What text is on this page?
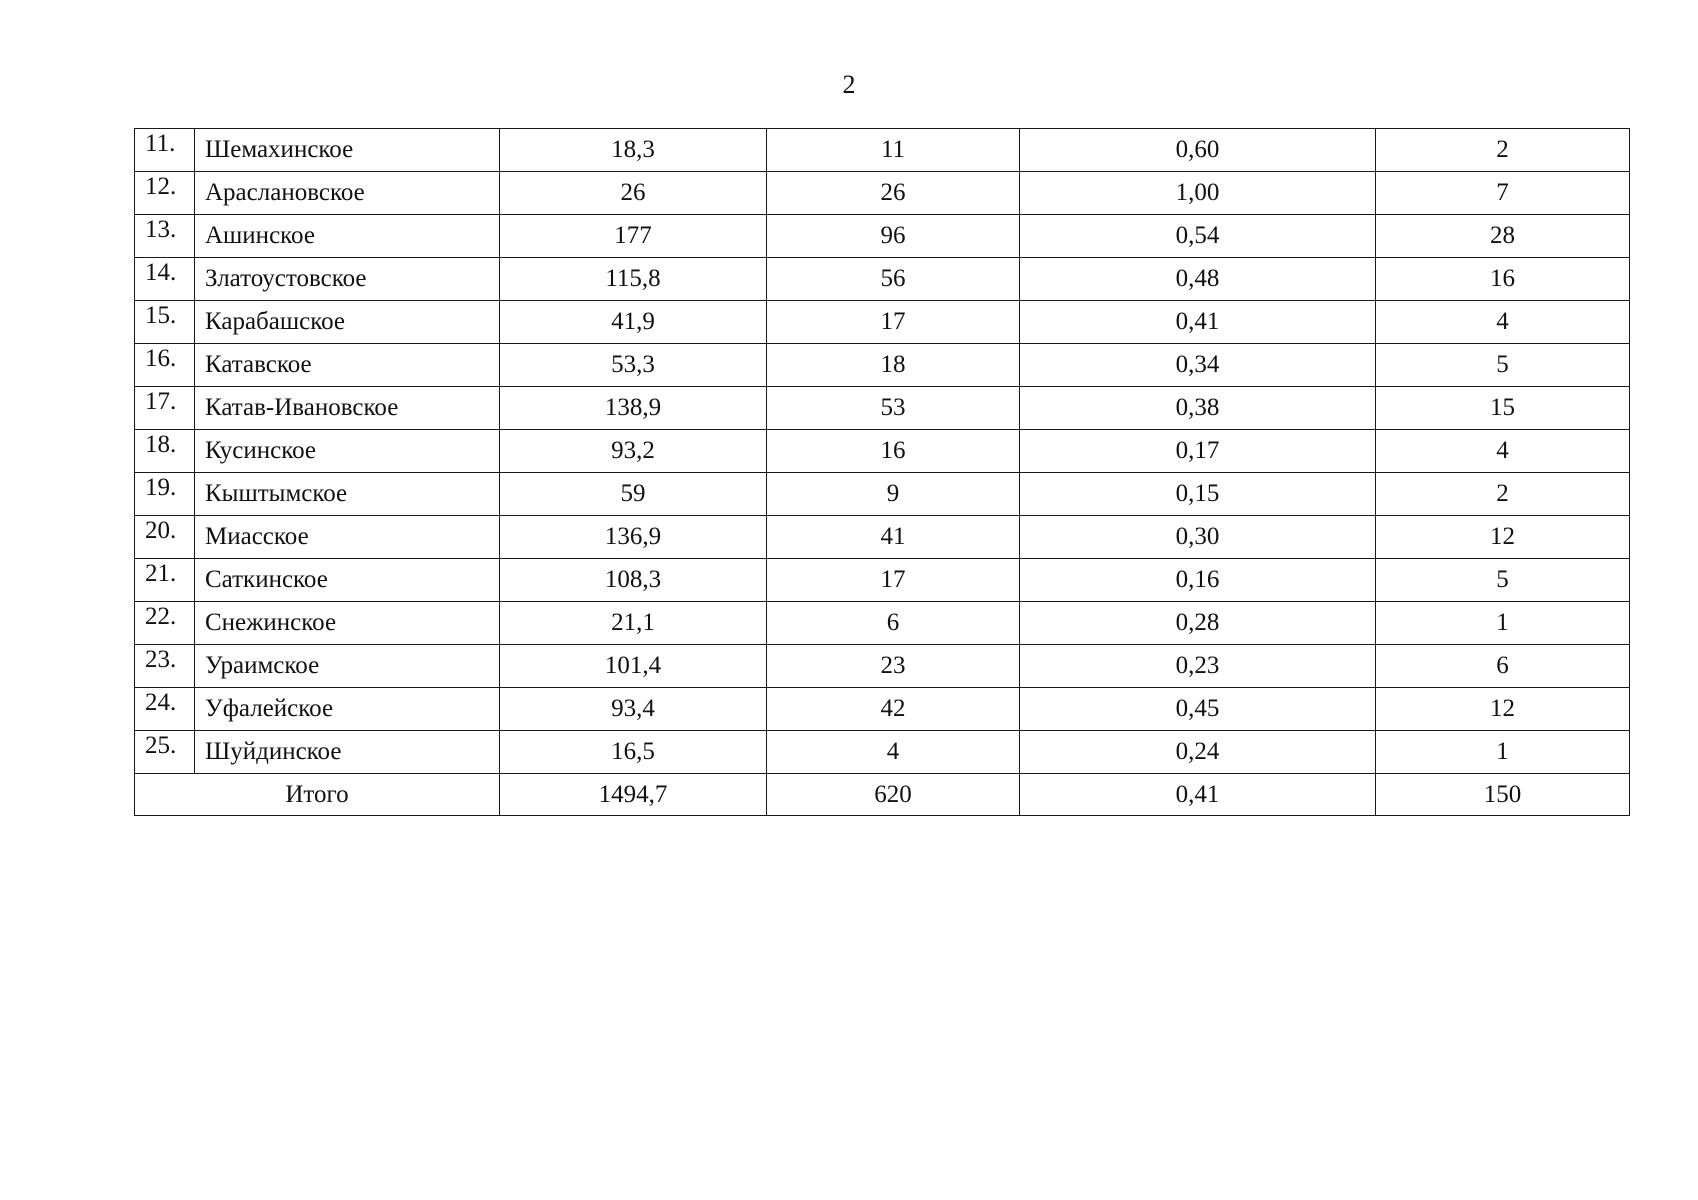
2
11.	Шемахинское	18,3	11	0,60	2
12.	Араслановское	26	26	1,00	7
13.	Ашинское	177	96	0,54	28
14.	Златоустовское	115,8	56	0,48	16
15.	Карабашское	41,9	17	0,41	4
16.	Катавское	53,3	18	0,34	5
17.	Катав-Ивановское	138,9	53	0,38	15
18.	Кусинское	93,2	16	0,17	4
19.	Кыштымское	59	9	0,15	2
20.	Миасское	136,9	41	0,30	12
21.	Саткинское	108,3	17	0,16	5
22.	Снежинское	21,1	6	0,28	1
23.	Ураимское	101,4	23	0,23	6
24.	Уфалейское	93,4	42	0,45	12
25.	Шуйдинское	16,5	4	0,24	1
Итого		1494,7	620	0,41	150
